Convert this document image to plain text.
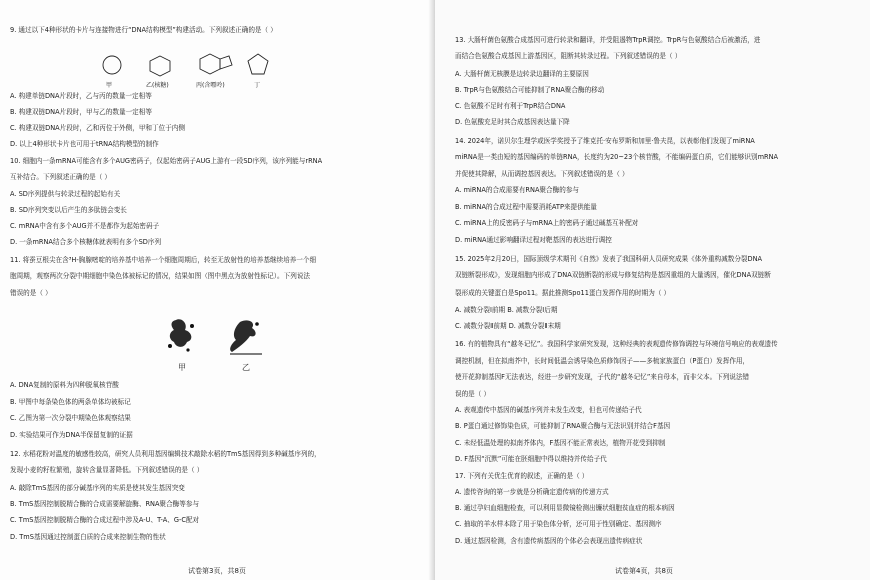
9. 通过以下4种形状的卡片与连接物进行“DNA结构模型”构建活动。下列叙述正确的是（ ）
A. 构建单链DNA片段时，乙与丙的数量一定相等
B. 构建双链DNA片段时，甲与乙的数量一定相等
C. 构建双链DNA片段时，乙和丙位于外侧，甲和丁位于内侧
D. 以上4种形状卡片也可用于tRNA结构模型的制作
10. 细胞内一条mRNA可能含有多个AUG密码子，仅起始密码子AUG上游有一段SD序列，该序列能与rRNA
互补结合。下列叙述正确的是（ ）
A. SD序列提供与转录过程的起始有关
B. SD序列突变以后产生的多肽链会变长
C. mRNA中含有多个AUG并不是都作为起始密码子
D. 一条mRNA结合多个核糖体就表明有多个SD序列
11. 将蚕豆根尖在含³H-胸腺嘧啶的培养基中培养一个细胞周期后，转至无放射性的培养基继续培养一个细
胞周期，观察两次分裂中期细胞中染色体被标记的情况，结果如图（图中黑点为放射性标记）。下列说法
错误的是（ ）
A. DNA复制的原料为四种脱氧核苷酸
B. 甲图中每条染色体的两条单体均被标记
C. 乙图为第一次分裂中期染色体观察结果
D. 实验结果可作为DNA半保留复制的证据
12. 水稻花粉对温度的敏感性较高，研究人员利用基因编辑技术敲除水稻的TmS基因得到多种碱基序列的，
发现小麦的籽粒繁殖，旋转含量显著降低。下列叙述错误的是（ ）
A. 敲除TmS基因的部分碱基序列的实质是使其发生基因突变
B. TmS基因控制脱精合酶的合成需要解旋酶、RNA聚合酶等参与
C. TmS基因控制脱精合酶的合成过程中涉及A-U、T-A、G-C配对
D. TmS基因通过控制蛋白质的合成来控制生物的性状
甲	乙(核糖)	丙(含嘌呤)	丁
甲	乙
试卷第3页，共8页
13. 大肠杆菌色氨酸合成基因可进行转录和翻译，并受阻遏物TrpR调控。TrpR与色氨酸结合后被激活，进
而结合色氨酸合成基因上游基因区，阻断其转录过程。下列叙述错误的是（ ）
A. 大肠杆菌无核膜是边转录边翻译的主要原因
B. TrpR与色氨酸结合可能抑制了RNA聚合酶的移动
C. 色氨酸不足时有利于TrpR结合DNA
D. 色氨酸充足时其合成基因表达量下降
14. 2024年，诺贝尔生理学或医学奖授予了维克托·安布罗斯和加里·鲁夫昆，以表彰他们发现了miRNA
miRNA是一类由短的基因编码的单链RNA，长度约为20~23个核苷酸，不能编码蛋白质，它们能够识别mRNA
并促使其降解，从而调控基因表达。下列叙述错误的是（ ）
A. miRNA的合成需要有RNA聚合酶的参与
B. miRNA的合成过程中需要消耗ATP来提供能量
C. miRNA上的反密码子与mRNA上的密码子通过碱基互补配对
D. miRNA通过影响翻译过程对靶基因的表达进行调控
15. 2025年2月20日，国际顶级学术期刊《自然》发表了我国科研人员研究成果《体外重构减数分裂DNA
双链断裂形成》，发现细胞内形成了DNA双链断裂的形成与修复结构是基因重组的大量诱因，催化DNA双链断
裂形成的关键蛋白是Spo11。据此推测Spo11蛋白发挥作用的时期为（ ）
A. 减数分裂Ⅰ前期 B. 减数分裂Ⅰ后期
C. 减数分裂Ⅱ前期 D. 减数分裂Ⅱ末期
16. 有的植物具有“越冬记忆”。我国科学家研究发现，这种经典的表观遗传修饰调控与环境信号响应的表观遗传
调控机制，但在拟南芥中，长时间低温会诱导染色质修饰因子——多梳家族蛋白（P蛋白）发挥作用，
使开花抑制基因F无法表达，经进一步研究发现，子代的“越冬记忆”来自母本，而非父本。下列说法错
误的是（ ）
A. 表观遗传中基因的碱基序列并未发生改变，但也可传递给子代
B. P蛋白通过修饰染色质，可能抑制了RNA聚合酶与无法识别并结合F基因
C. 未经低温处理的拟南芥体内，F基因不能正常表达，植物开花受到抑制
D. F基因“沉默”可能在胚细胞中得以维持并传给子代
17. 下列有关优生优育的叙述，正确的是（ ）
A. 遗传咨询的第一步就是分析确定遗传病的传递方式
B. 通过孕妇血细胞检查，可以利用显微镜检测出镰状细胞贫血症的根本病因
C. 抽取的羊水样本除了用于染色体分析，还可用于性别确定、基因测序
D. 通过基因检测，含有遗传病基因的个体必会表现出遗传病症状
试卷第4页，共8页
